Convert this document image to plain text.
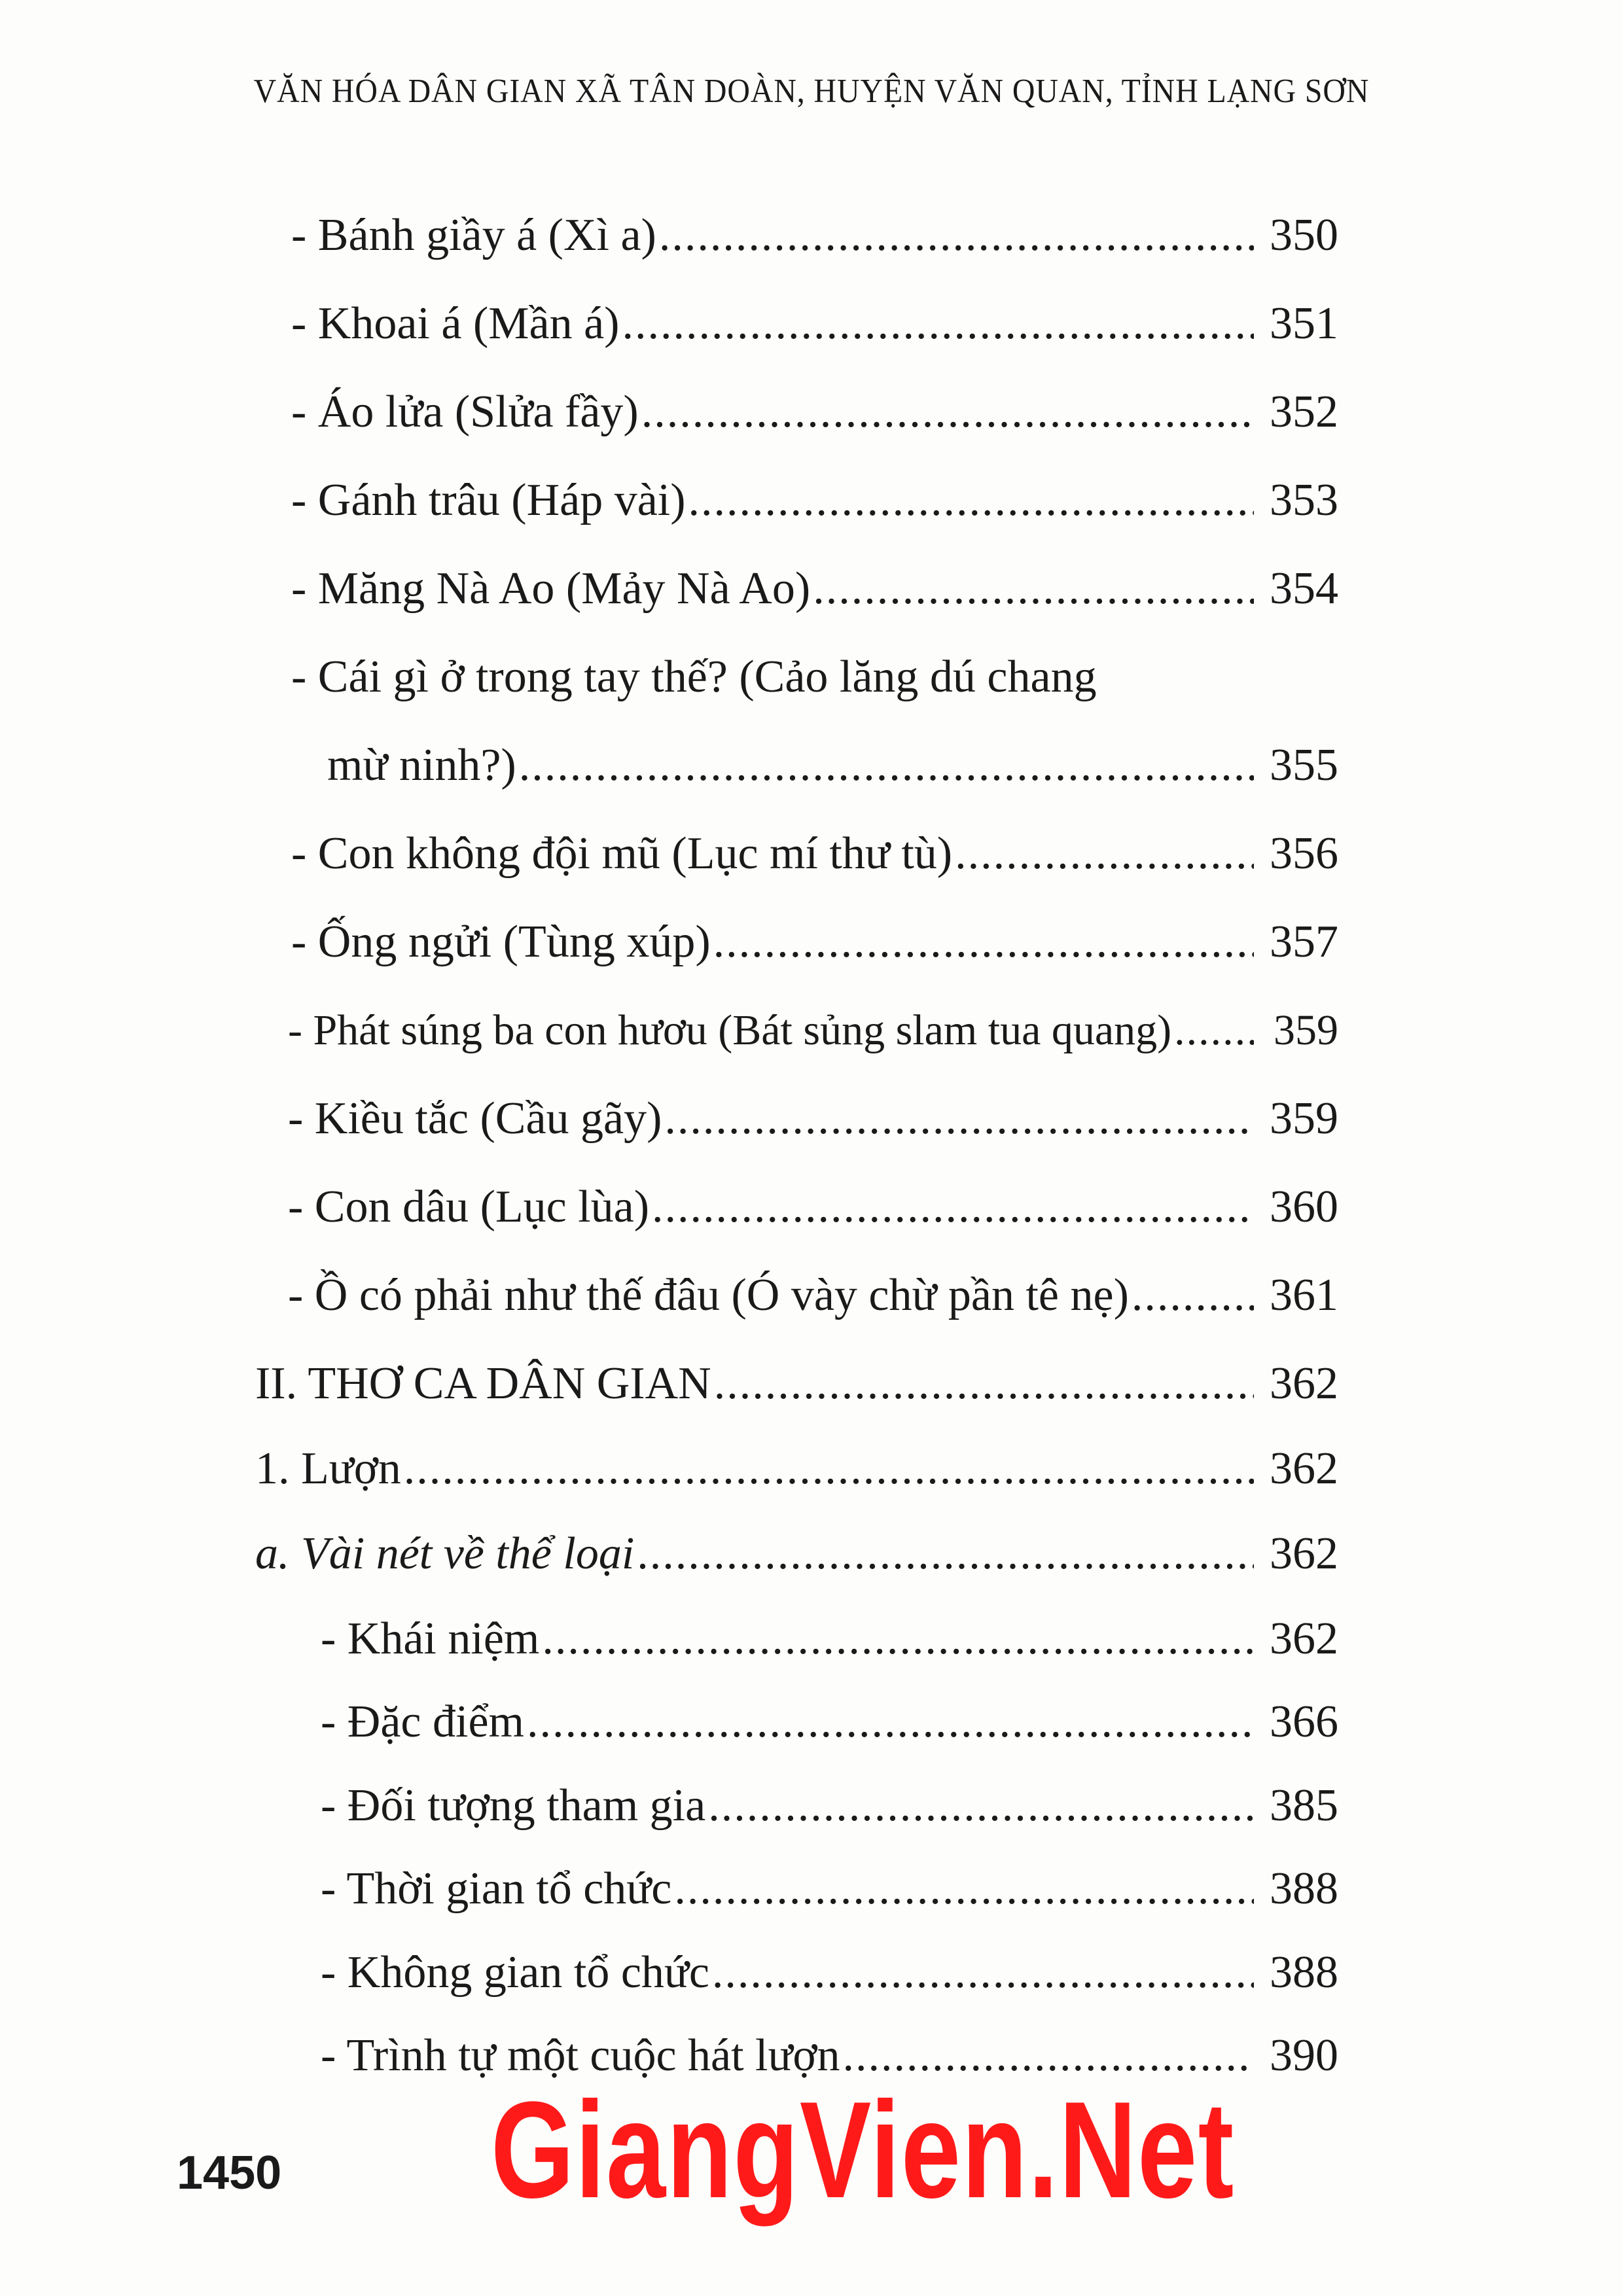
VĂN HÓA DÂN GIAN XÃ TÂN DOÀN, HUYỆN VĂN QUAN, TỈNH LẠNG SƠN
- Bánh giầy á (Xì a) .....	350
- Khoai á (Mần á) .....	351
- Áo lửa (Slửa fầy) .....	352
- Gánh trâu (Háp vài) .....	353
- Măng Nà Ao (Mảy Nà Ao) .....	354
- Cái gì ở trong tay thế? (Cảo lăng dú chang
mừ ninh?) .....	355
- Con không đội mũ (Lục mí thư tù) .....	356
- Ống ngửi (Tùng xúp) .....	357
- Phát súng ba con hươu (Bát sủng slam tua quang) .....	359
- Kiều tắc (Cầu gãy) .....	359
- Con dâu (Lục lùa) .....	360
- Ồ có phải như thế đâu (Ó vày chừ pần tê nẹ) .....	361
II. THƠ CA DÂN GIAN .....	362
1. Lượn .....	362
a. Vài nét về thể loại .....	362
- Khái niệm .....	362
- Đặc điểm .....	366
- Đối tượng tham gia .....	385
- Thời gian tổ chức .....	388
- Không gian tổ chức .....	388
- Trình tự một cuộc hát lượn .....	390
1450 GiangVien.Net
